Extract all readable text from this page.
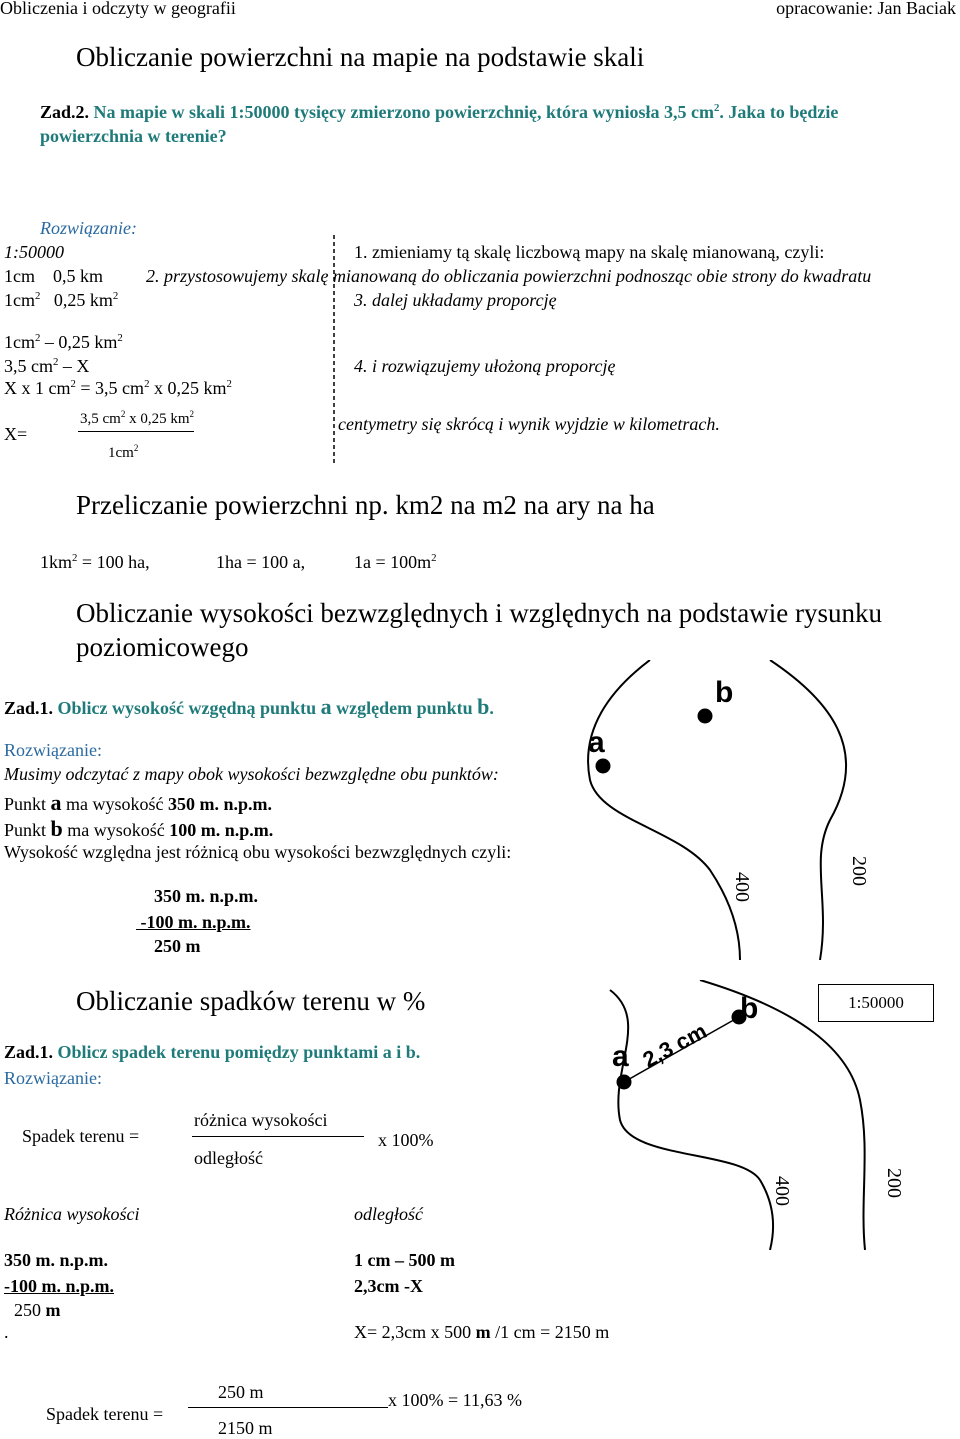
Obliczenia i odczyty w geografii	opracowanie: Jan Baciak
Obliczanie powierzchni na mapie na podstawie skali
Zad.2. Na mapie w skali 1:50000 tysięcy zmierzono powierzchnię, która wyniosła 3,5 $cm^2$. Jaka to będzie
powierzchnia w terenie?
Rozwiązanie:
1:50000
1cm    0,5 km
$1cm^2$   0,25 $km^2$
$1cm^2 - 0,25$ $km^2$
3,5 $cm^2$ – X
X x 1 $cm^2 = 3,5$ $cm^2$ x 0,25 $km^2$
X=
3,5 $cm^2$ x 0,25 $km^2$
$1cm^2$
1. zmieniamy tą skalę liczbową mapy na skalę mianowaną, czyli:
2. przystosowujemy skalę mianowaną do obliczania powierzchni podnosząc obie strony do kwadratu
3. dalej układamy proporcję
4. i rozwiązujemy ułożoną proporcję
centymetry się skrócą i wynik wyjdzie w kilometrach.
Przeliczanie powierzchni np. km2 na m2 na ary na ha
$1km^2 = 100$ ha,	1ha = 100 a,	$1a = 100m^2$
Obliczanie wysokości bezwzględnych i względnych na podstawie rysunku
poziomicowego
Zad.1. Oblicz wysokość wzgędną punktu a względem punktu b.
Rozwiązanie:
Musimy odczytać z mapy obok wysokości bezwzględne obu punktów:
Punkt a ma wysokość 350 m. n.p.m.
Punkt b ma wysokość 100 m. n.p.m.
Wysokość względna jest różnicą obu wysokości bezwzględnych czyli:
350 m. n.p.m.
-100 m. n.p.m.
250 m
b
a
400
200
Obliczanie spadków terenu w %
Zad.1. Oblicz spadek terenu pomiędzy punktami a i b.
Rozwiązanie:
Spadek terenu =
różnica wysokości
odległość
x 100%
Różnica wysokości	odległość
350 m. n.p.m.
-100 m. n.p.m.
250 m
.
1 cm – 500 m
2,3cm -X
X= 2,3cm x 500 m /1 cm = 2150 m
Spadek terenu =
250 m
2150 m
x 100% = 11,63 %
b
a 2,3 cm
400	200
1:50000
